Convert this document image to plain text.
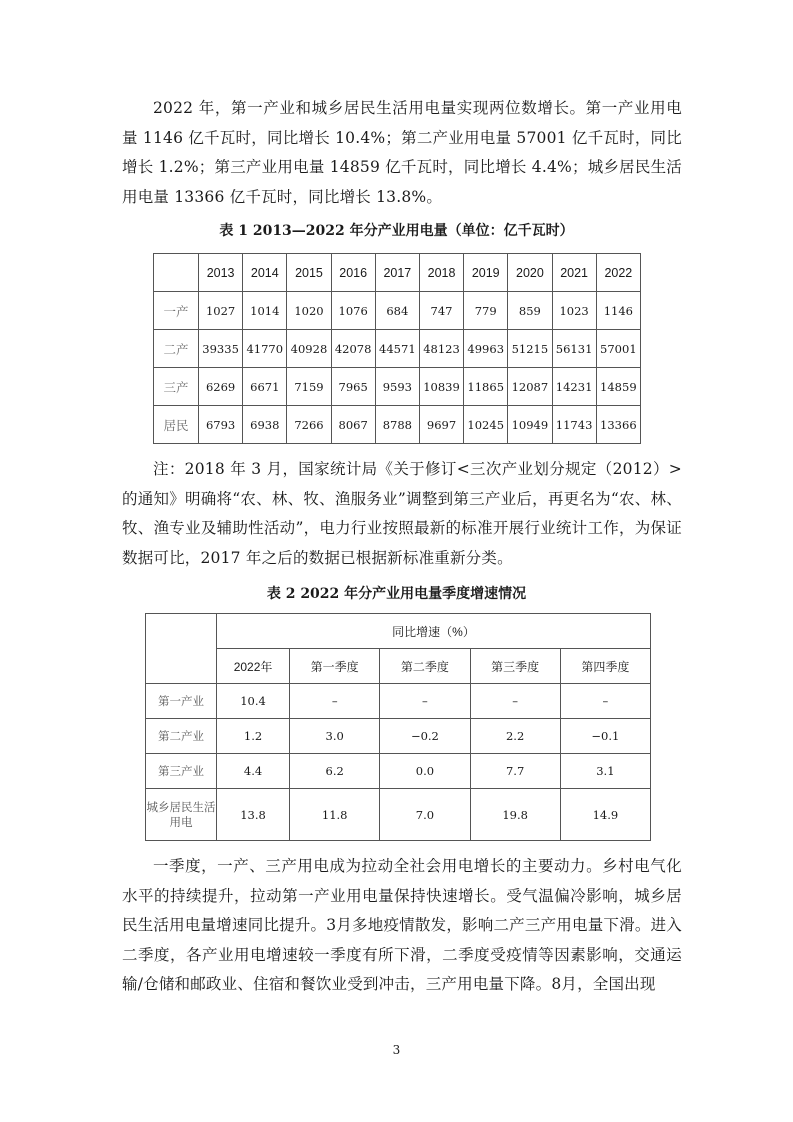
2022 年，第一产业和城乡居民生活用电量实现两位数增长。第一产业用电量 1146 亿千瓦时，同比增长 10.4%；第二产业用电量 57001 亿千瓦时，同比增长 1.2%；第三产业用电量 14859 亿千瓦时，同比增长 4.4%；城乡居民生活用电量 13366 亿千瓦时，同比增长 13.8%。

表 1 2013—2022 年分产业用电量（单位：亿千瓦时）

	2013	2014	2015	2016	2017	2018	2019	2020	2021	2022
一产	1027	1014	1020	1076	684	747	779	859	1023	1146
二产	39335	41770	40928	42078	44571	48123	49963	51215	56131	57001
三产	6269	6671	7159	7965	9593	10839	11865	12087	14231	14859
居民	6793	6938	7266	8067	8788	9697	10245	10949	11743	13366

注：2018 年 3 月，国家统计局《关于修订<三次产业划分规定（2012）>的通知》明确将“农、林、牧、渔服务业”调整到第三产业后，再更名为“农、林、牧、渔专业及辅助性活动”，电力行业按照最新的标准开展行业统计工作，为保证数据可比，2017 年之后的数据已根据新标准重新分类。

表 2 2022 年分产业用电量季度增速情况

	同比增速（%）				
	2022年	第一季度	第二季度	第三季度	第四季度
第一产业	10.4	–	–	–	–
第二产业	1.2	3.0	−0.2	2.2	−0.1
第三产业	4.4	6.2	0.0	7.7	3.1
城乡居民生活用电	13.8	11.8	7.0	19.8	14.9

一季度，一产、三产用电成为拉动全社会用电增长的主要动力。乡村电气化水平的持续提升，拉动第一产业用电量保持快速增长。受气温偏冷影响，城乡居民生活用电量增速同比提升。3月多地疫情散发，影响二产三产用电量下滑。进入二季度，各产业用电增速较一季度有所下滑，二季度受疫情等因素影响，交通运输/仓储和邮政业、住宿和餐饮业受到冲击，三产用电量下降。8月，全国出现

3
